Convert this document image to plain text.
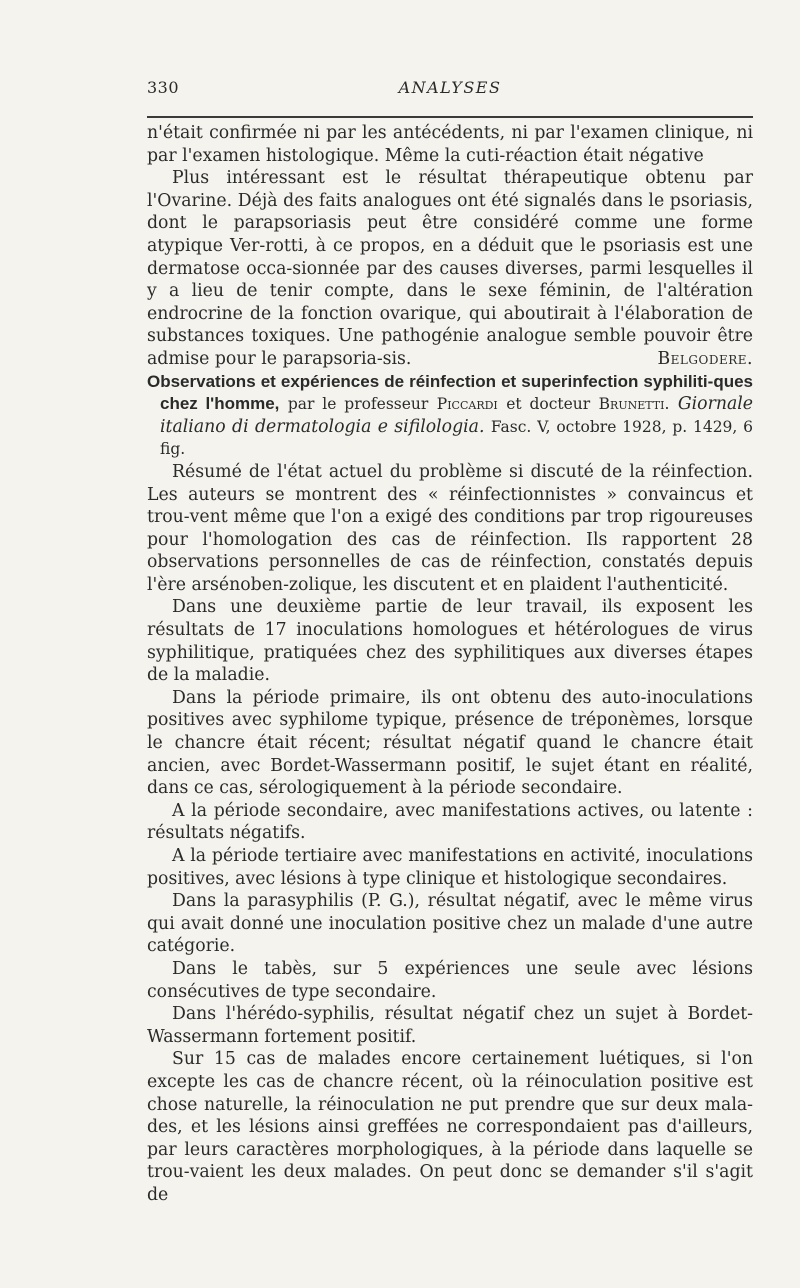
330	ANALYSES

n'était confirmée ni par les antécédents, ni par l'examen clinique, ni par l'examen histologique. Même la cuti-réaction était négative

Plus intéressant est le résultat thérapeutique obtenu par l'Ovarine. Déjà des faits analogues ont été signalés dans le psoriasis, dont le parapsoriasis peut être considéré comme une forme atypique Ver-rotti, à ce propos, en a déduit que le psoriasis est une dermatose occa-sionnée par des causes diverses, parmi lesquelles il y a lieu de tenir compte, dans le sexe féminin, de l'altération endrocrine de la fonction ovarique, qui aboutirait à l'élaboration de substances toxiques. Une pathogénie analogue semble pouvoir être admise pour le parapsoria-sis.	Belgodere.

Observations et expériences de réinfection et superinfection syphiliti-ques chez l'homme, par le professeur Piccardi et docteur Brunetti. Giornale italiano di dermatologia e sifilologia. Fasc. V, octobre 1928, p. 1429, 6 fig.

Résumé de l'état actuel du problème si discuté de la réinfection. Les auteurs se montrent des « réinfectionnistes » convaincus et trou-vent même que l'on a exigé des conditions par trop rigoureuses pour l'homologation des cas de réinfection. Ils rapportent 28 observations personnelles de cas de réinfection, constatés depuis l'ère arsénoben-zolique, les discutent et en plaident l'authenticité.

Dans une deuxième partie de leur travail, ils exposent les résultats de 17 inoculations homologues et hétérologues de virus syphilitique, pratiquées chez des syphilitiques aux diverses étapes de la maladie.

Dans la période primaire, ils ont obtenu des auto-inoculations positives avec syphilome typique, présence de tréponèmes, lorsque le chancre était récent; résultat négatif quand le chancre était ancien, avec Bordet-Wassermann positif, le sujet étant en réalité, dans ce cas, sérologiquement à la période secondaire.

A la période secondaire, avec manifestations actives, ou latente : résultats négatifs.

A la période tertiaire avec manifestations en activité, inoculations positives, avec lésions à type clinique et histologique secondaires.

Dans la parasyphilis (P. G.), résultat négatif, avec le même virus qui avait donné une inoculation positive chez un malade d'une autre catégorie.

Dans le tabès, sur 5 expériences une seule avec lésions consécutives de type secondaire.

Dans l'hérédo-syphilis, résultat négatif chez un sujet à Bordet-Wassermann fortement positif.

Sur 15 cas de malades encore certainement luétiques, si l'on excepte les cas de chancre récent, où la réinoculation positive est chose naturelle, la réinoculation ne put prendre que sur deux mala-des, et les lésions ainsi greffées ne correspondaient pas d'ailleurs, par leurs caractères morphologiques, à la période dans laquelle se trou-vaient les deux malades. On peut donc se demander s'il s'agit de
